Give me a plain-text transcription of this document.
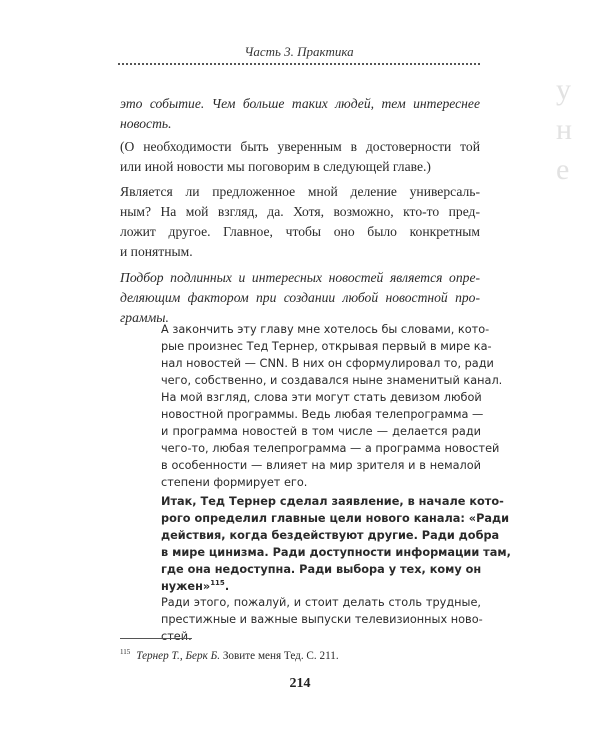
у
н
е
Часть 3. Практика

это событие. Чем больше таких людей, тем интереснее
новость.

(О необходимости быть уверенным в достоверности той
или иной новости мы поговорим в следующей главе.)

Является ли предложенное мной деление универсаль-
ным? На мой взгляд, да. Хотя, возможно, кто-то пред-
ложит другое. Главное, чтобы оно было конкретным
и понятным.

Подбор подлинных и интересных новостей является опре-
деляющим фактором при создании любой новостной про-
граммы.

А закончить эту главу мне хотелось бы словами, кото-
рые произнес Тед Тернер, открывая первый в мире ка-
нал новостей — CNN. В них он сформулировал то, ради
чего, собственно, и создавался ныне знаменитый канал.
На мой взгляд, слова эти могут стать девизом любой
новостной программы. Ведь любая телепрограмма —
и программа новостей в том числе — делается ради
чего-то, любая телепрограмма — а программа новостей
в особенности — влияет на мир зрителя и в немалой
степени формирует его.

Итак, Тед Тернер сделал заявление, в начале кото-
рого определил главные цели нового канала: «Ради
действия, когда бездействуют другие. Ради добра
в мире цинизма. Ради доступности информации там,
где она недоступна. Ради выбора у тех, кому он
нужен»$^{115}$.

Ради этого, пожалуй, и стоит делать столь трудные,
престижные и важные выпуски телевизионных ново-
стей.

$^{115}$ Тернер Т., Берк Б. Зовите меня Тед. С. 211.
214
